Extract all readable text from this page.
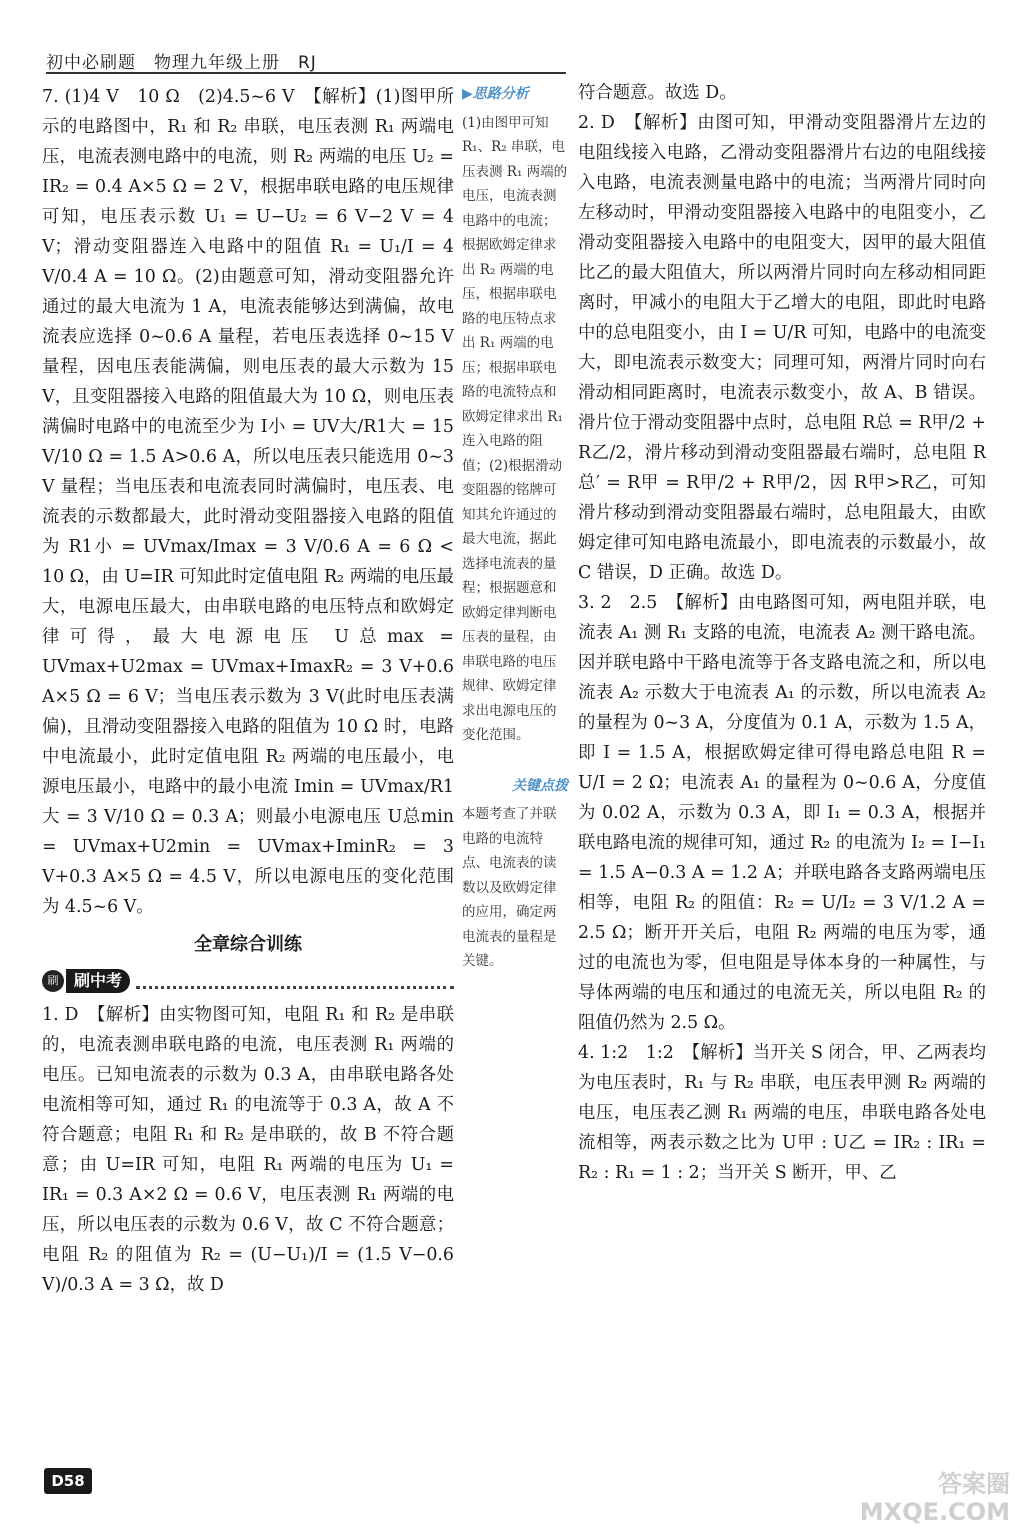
初中必刷题　物理九年级上册　RJ

7. (1)4 V　10 Ω　(2)4.5~6 V　【解析】(1)图甲所示的电路图中，R₁ 和 R₂ 串联，电压表测 R₁ 两端电压，电流表测电路中的电流，则 R₂ 两端的电压 U₂ = IR₂ = 0.4 A×5 Ω = 2 V，根据串联电路的电压规律可知，电压表示数 U₁ = U−U₂ = 6 V−2 V = 4 V；滑动变阻器连入电路中的阻值 R₁ = U₁/I = 4 V/0.4 A = 10 Ω。(2)由题意可知，滑动变阻器允许通过的最大电流为 1 A，电流表能够达到满偏，故电流表应选择 0~0.6 A 量程，若电压表选择 0~15 V 量程，因电压表能满偏，则电压表的最大示数为 15 V，且变阻器接入电路的阻值最大为 10 Ω，则电压表满偏时电路中的电流至少为 I小 = UV大/R1大 = 15 V/10 Ω = 1.5 A>0.6 A，所以电压表只能选用 0~3 V 量程；当电压表和电流表同时满偏时，电压表、电流表的示数都最大，此时滑动变阻器接入电路的阻值为 R1小 = UVmax/Imax = 3 V/0.6 A = 6 Ω < 10 Ω，由 U=IR 可知此时定值电阻 R₂ 两端的电压最大，电源电压最大，由串联电路的电压特点和欧姆定律可得，最大电源电压 U总max = UVmax+U2max = UVmax+ImaxR₂ = 3 V+0.6 A×5 Ω = 6 V；当电压表示数为 3 V(此时电压表满偏)，且滑动变阻器接入电路的阻值为 10 Ω 时，电路中电流最小，此时定值电阻 R₂ 两端的电压最小，电源电压最小，电路中的最小电流 Imin = UVmax/R1大 = 3 V/10 Ω = 0.3 A；则最小电源电压 U总min = UVmax+U2min = UVmax+IminR₂ = 3 V+0.3 A×5 Ω = 4.5 V，所以电源电压的变化范围为 4.5~6 V。

全章综合训练
刷 刷中考

1. D　【解析】由实物图可知，电阻 R₁ 和 R₂ 是串联的，电流表测串联电路的电流，电压表测 R₁ 两端的电压。已知电流表的示数为 0.3 A，由串联电路各处电流相等可知，通过 R₁ 的电流等于 0.3 A，故 A 不符合题意；电阻 R₁ 和 R₂ 是串联的，故 B 不符合题意；由 U=IR 可知，电阻 R₁ 两端的电压为 U₁ = IR₁ = 0.3 A×2 Ω = 0.6 V，电压表测 R₁ 两端的电压，所以电压表的示数为 0.6 V，故 C 不符合题意；电阻 R₂ 的阻值为 R₂ = (U−U₁)/I = (1.5 V−0.6 V)/0.3 A = 3 Ω，故 D

▶思路分析

(1)由图甲可知 R₁、R₂ 串联，电压表测 R₁ 两端的电压，电流表测电路中的电流；根据欧姆定律求出 R₂ 两端的电压，根据串联电路的电压特点求出 R₁ 两端的电压；根据串联电路的电流特点和欧姆定律求出 R₁ 连入电路的阻值；(2)根据滑动变阻器的铭牌可知其允许通过的最大电流，据此选择电流表的量程；根据题意和欧姆定律判断电压表的量程，由串联电路的电压规律、欧姆定律求出电源电压的变化范围。

关键点拨

本题考查了并联电路的电流特点、电流表的读数以及欧姆定律的应用，确定两电流表的量程是关键。

符合题意。故选 D。

2. D　【解析】由图可知，甲滑动变阻器滑片左边的电阻线接入电路，乙滑动变阻器滑片右边的电阻线接入电路，电流表测量电路中的电流；当两滑片同时向左移动时，甲滑动变阻器接入电路中的电阻变小，乙滑动变阻器接入电路中的电阻变大，因甲的最大阻值比乙的最大阻值大，所以两滑片同时向左移动相同距离时，甲减小的电阻大于乙增大的电阻，即此时电路中的总电阻变小，由 I = U/R 可知，电路中的电流变大，即电流表示数变大；同理可知，两滑片同时向右滑动相同距离时，电流表示数变小，故 A、B 错误。滑片位于滑动变阻器中点时，总电阻 R总 = R甲/2 + R乙/2，滑片移动到滑动变阻器最右端时，总电阻 R总′ = R甲 = R甲/2 + R甲/2，因 R甲>R乙，可知滑片移动到滑动变阻器最右端时，总电阻最大，由欧姆定律可知电路电流最小，即电流表的示数最小，故 C 错误，D 正确。故选 D。

3. 2　2.5　【解析】由电路图可知，两电阻并联，电流表 A₁ 测 R₁ 支路的电流，电流表 A₂ 测干路电流。因并联电路中干路电流等于各支路电流之和，所以电流表 A₂ 示数大于电流表 A₁ 的示数，所以电流表 A₂ 的量程为 0~3 A，分度值为 0.1 A，示数为 1.5 A，即 I = 1.5 A，根据欧姆定律可得电路总电阻 R = U/I = 2 Ω；电流表 A₁ 的量程为 0~0.6 A，分度值为 0.02 A，示数为 0.3 A，即 I₁ = 0.3 A，根据并联电路电流的规律可知，通过 R₂ 的电流为 I₂ = I−I₁ = 1.5 A−0.3 A = 1.2 A；并联电路各支路两端电压相等，电阻 R₂ 的阻值：R₂ = U/I₂ = 3 V/1.2 A = 2.5 Ω；断开开关后，电阻 R₂ 两端的电压为零，通过的电流也为零，但电阻是导体本身的一种属性，与导体两端的电压和通过的电流无关，所以电阻 R₂ 的阻值仍然为 2.5 Ω。

4. 1:2　1:2　【解析】当开关 S 闭合，甲、乙两表均为电压表时，R₁ 与 R₂ 串联，电压表甲测 R₂ 两端的电压，电压表乙测 R₁ 两端的电压，串联电路各处电流相等，两表示数之比为 U甲 : U乙 = IR₂ : IR₁ = R₂ : R₁ = 1 : 2；当开关 S 断开，甲、乙

D58	答案圈 MXQE.COM
